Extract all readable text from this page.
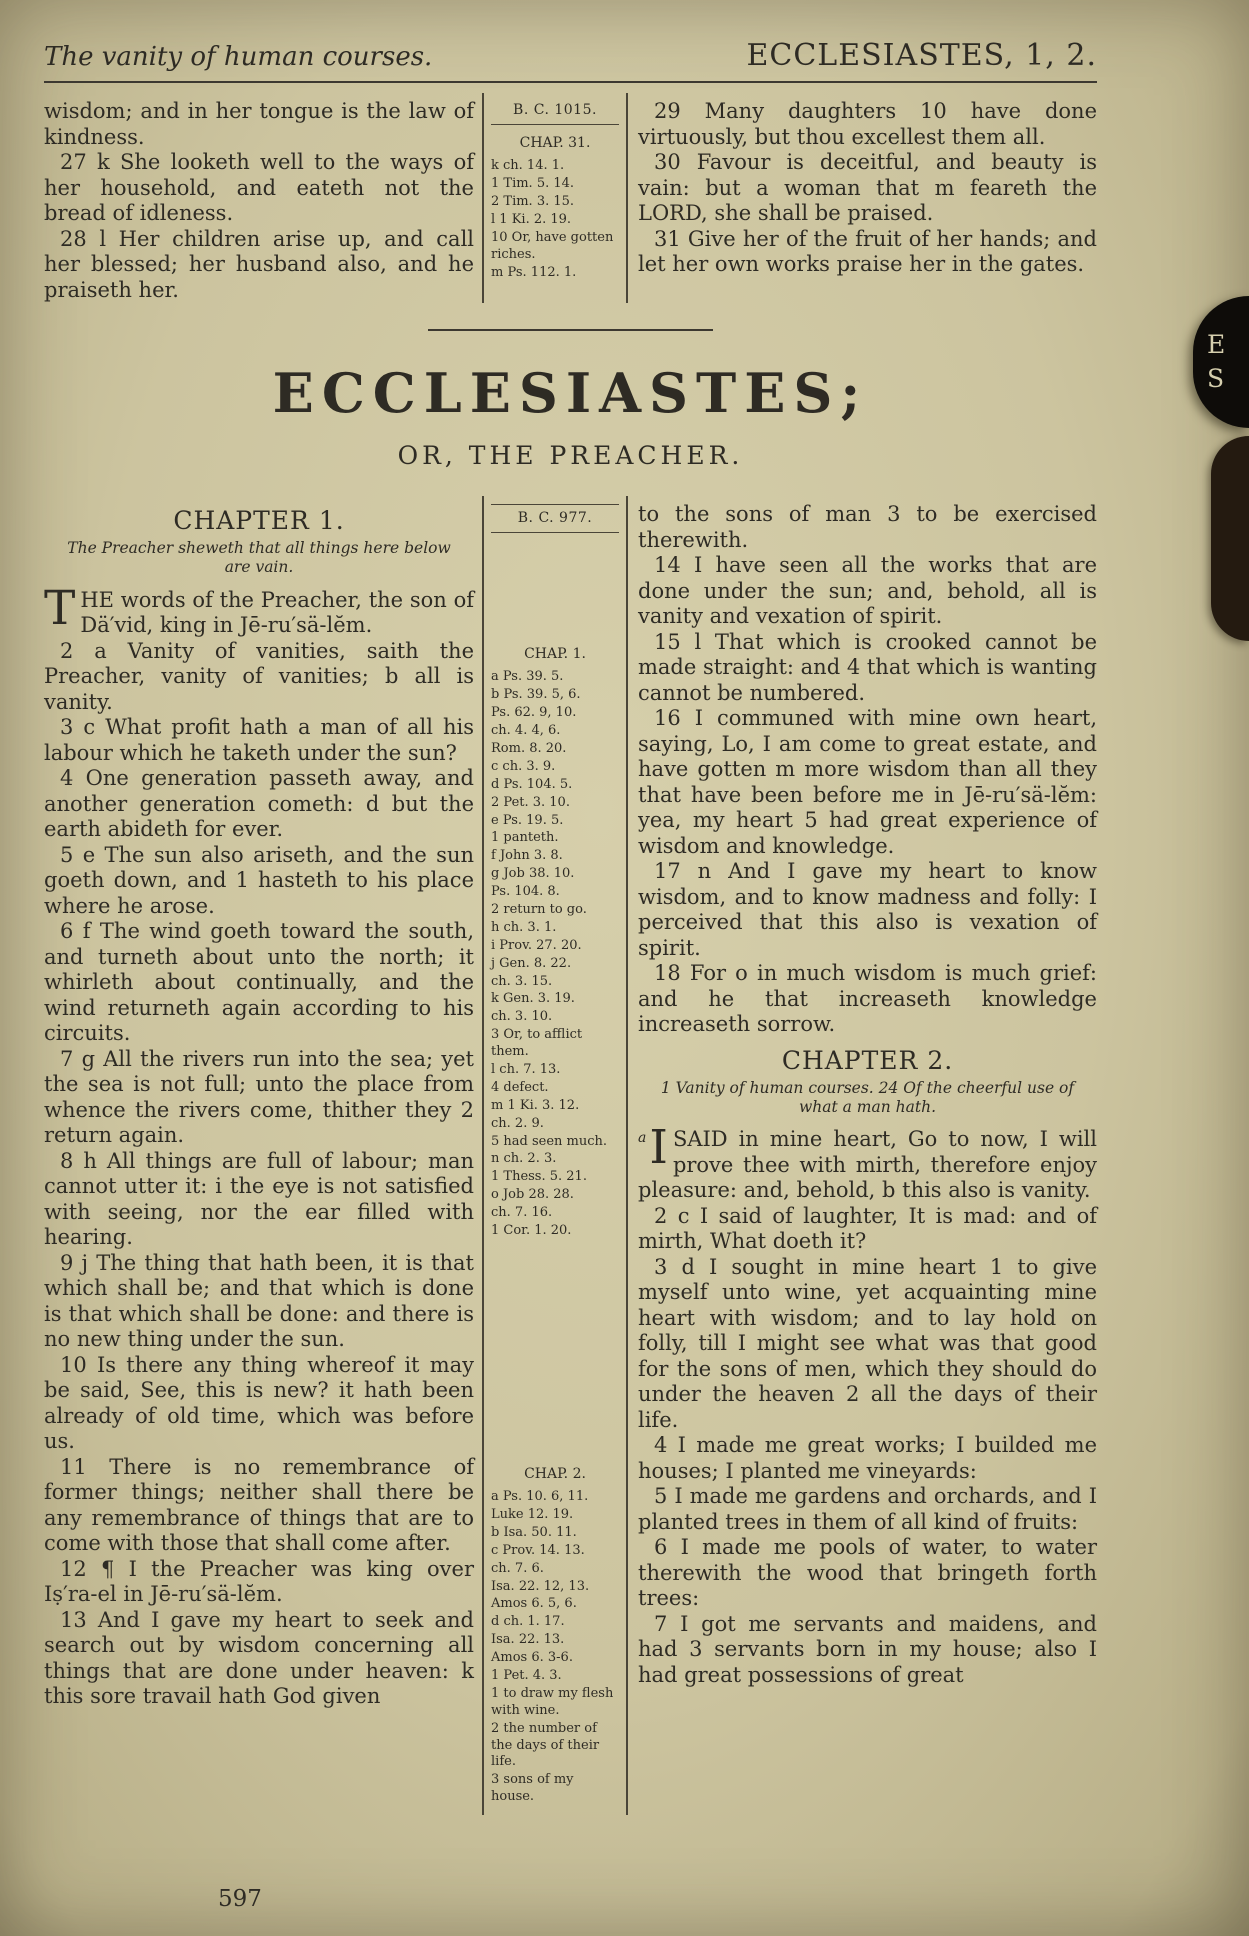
The vanity of human courses.	ECCLESIASTES, 1, 2.

wisdom; and in her tongue is the law of kindness.

27 k She looketh well to the ways of her household, and eateth not the bread of idleness.

28 l Her children arise up, and call her blessed; her husband also, and he praiseth her.

B. C. 1015.
CHAP. 31.
k ch. 14. 1.
1 Tim. 5. 14.
2 Tim. 3. 15.
l 1 Ki. 2. 19.
10 Or, have gotten riches.
m Ps. 112. 1.

29 Many daughters 10 have done virtuously, but thou excellest them all.

30 Favour is deceitful, and beauty is vain: but a woman that m feareth the LORD, she shall be praised.

31 Give her of the fruit of her hands; and let her own works praise her in the gates.

ECCLESIASTES;
OR, THE PREACHER.
CHAPTER 1.

The Preacher sheweth that all things here below are vain.

THE words of the Preacher, the son of Dä′vid, king in Jē-ru′sä-lĕm.

2 a Vanity of vanities, saith the Preacher, vanity of vanities; b all is vanity.

3 c What profit hath a man of all his labour which he taketh under the sun?

4 One generation passeth away, and another generation cometh: d but the earth abideth for ever.

5 e The sun also ariseth, and the sun goeth down, and 1 hasteth to his place where he arose.

6 f The wind goeth toward the south, and turneth about unto the north; it whirleth about continually, and the wind returneth again according to his circuits.

7 g All the rivers run into the sea; yet the sea is not full; unto the place from whence the rivers come, thither they 2 return again.

8 h All things are full of labour; man cannot utter it: i the eye is not satisfied with seeing, nor the ear filled with hearing.

9 j The thing that hath been, it is that which shall be; and that which is done is that which shall be done: and there is no new thing under the sun.

10 Is there any thing whereof it may be said, See, this is new? it hath been already of old time, which was before us.

11 There is no remembrance of former things; neither shall there be any remembrance of things that are to come with those that shall come after.

12 ¶ I the Preacher was king over Iṣ′ra-el in Jē-ru′sä-lĕm.

13 And I gave my heart to seek and search out by wisdom concerning all things that are done under heaven: k this sore travail hath God given

B. C. 977.
CHAP. 1.
a Ps. 39. 5.
b Ps. 39. 5, 6.
Ps. 62. 9, 10.
ch. 4. 4, 6.
Rom. 8. 20.
c ch. 3. 9.
d Ps. 104. 5.
2 Pet. 3. 10.
e Ps. 19. 5.
1 panteth.
f John 3. 8.
g Job 38. 10.
Ps. 104. 8.
2 return to go.
h ch. 3. 1.
i Prov. 27. 20.
j Gen. 8. 22.
ch. 3. 15.
k Gen. 3. 19.
ch. 3. 10.
3 Or, to afflict them.
l ch. 7. 13.
4 defect.
m 1 Ki. 3. 12.
ch. 2. 9.
5 had seen much.
n ch. 2. 3.
1 Thess. 5. 21.
o Job 28. 28.
ch. 7. 16.
1 Cor. 1. 20.
CHAP. 2.
a Ps. 10. 6, 11.
Luke 12. 19.
b Isa. 50. 11.
c Prov. 14. 13.
ch. 7. 6.
Isa. 22. 12, 13.
Amos 6. 5, 6.
d ch. 1. 17.
Isa. 22. 13.
Amos 6. 3-6.
1 Pet. 4. 3.
1 to draw my flesh with wine.
2 the number of the days of their life.
3 sons of my house.

to the sons of man 3 to be exercised therewith.

14 I have seen all the works that are done under the sun; and, behold, all is vanity and vexation of spirit.

15 l That which is crooked cannot be made straight: and 4 that which is wanting cannot be numbered.

16 I communed with mine own heart, saying, Lo, I am come to great estate, and have gotten m more wisdom than all they that have been before me in Jē-ru′sä-lĕm: yea, my heart 5 had great experience of wisdom and knowledge.

17 n And I gave my heart to know wisdom, and to know madness and folly: I perceived that this also is vexation of spirit.

18 For o in much wisdom is much grief: and he that increaseth knowledge increaseth sorrow.

CHAPTER 2.

1 Vanity of human courses. 24 Of the cheerful use of what a man hath.

a I SAID in mine heart, Go to now, I will prove thee with mirth, therefore enjoy pleasure: and, behold, b this also is vanity.

2 c I said of laughter, It is mad: and of mirth, What doeth it?

3 d I sought in mine heart 1 to give myself unto wine, yet acquainting mine heart with wisdom; and to lay hold on folly, till I might see what was that good for the sons of men, which they should do under the heaven 2 all the days of their life.

4 I made me great works; I builded me houses; I planted me vineyards:

5 I made me gardens and orchards, and I planted trees in them of all kind of fruits:

6 I made me pools of water, to water therewith the wood that bringeth forth trees:

7 I got me servants and maidens, and had 3 servants born in my house; also I had great possessions of great

597
E
S
